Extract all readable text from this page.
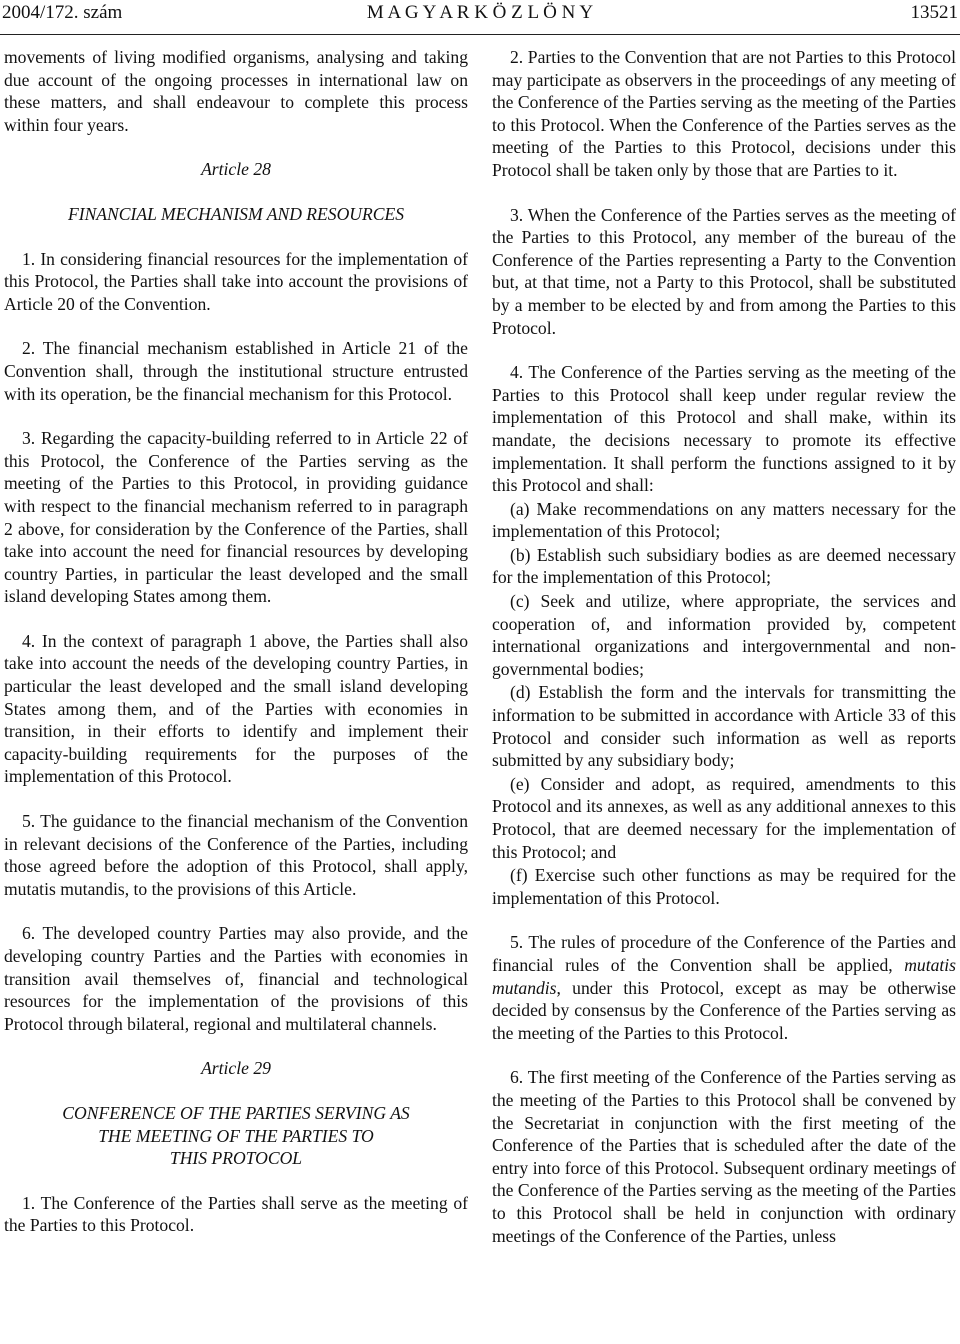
M A G Y A R K Ö Z L Ö N Y
2004/172. szám	13521

movements of living modified organisms, analysing and taking due account of the ongoing processes in international law on these matters, and shall endeavour to complete this process within four years.

Article 28

FINANCIAL MECHANISM AND RESOURCES

1. In considering financial resources for the implementation of this Protocol, the Parties shall take into account the provisions of Article 20 of the Convention.

2. The financial mechanism established in Article 21 of the Convention shall, through the institutional structure entrusted with its operation, be the financial mechanism for this Protocol.

3. Regarding the capacity-building referred to in Article 22 of this Protocol, the Conference of the Parties serving as the meeting of the Parties to this Protocol, in providing guidance with respect to the financial mechanism referred to in paragraph 2 above, for consideration by the Conference of the Parties, shall take into account the need for financial resources by developing country Parties, in particular the least developed and the small island developing States among them.

4. In the context of paragraph 1 above, the Parties shall also take into account the needs of the developing country Parties, in particular the least developed and the small island developing States among them, and of the Parties with economies in transition, in their efforts to identify and implement their capacity-building requirements for the purposes of the implementation of this Protocol.

5. The guidance to the financial mechanism of the Convention in relevant decisions of the Conference of the Parties, including those agreed before the adoption of this Protocol, shall apply, mutatis mutandis, to the provisions of this Article.

6. The developed country Parties may also provide, and the developing country Parties and the Parties with economies in transition avail themselves of, financial and technological resources for the implementation of the provisions of this Protocol through bilateral, regional and multilateral channels.

Article 29

CONFERENCE OF THE PARTIES SERVING AS
THE MEETING OF THE PARTIES TO
THIS PROTOCOL

1. The Conference of the Parties shall serve as the meeting of the Parties to this Protocol.

2. Parties to the Convention that are not Parties to this Protocol may participate as observers in the proceedings of any meeting of the Conference of the Parties serving as the meeting of the Parties to this Protocol. When the Conference of the Parties serves as the meeting of the Parties to this Protocol, decisions under this Protocol shall be taken only by those that are Parties to it.

3. When the Conference of the Parties serves as the meeting of the Parties to this Protocol, any member of the bureau of the Conference of the Parties representing a Party to the Convention but, at that time, not a Party to this Protocol, shall be substituted by a member to be elected by and from among the Parties to this Protocol.

4. The Conference of the Parties serving as the meeting of the Parties to this Protocol shall keep under regular review the implementation of this Protocol and shall make, within its mandate, the decisions necessary to promote its effective implementation. It shall perform the functions assigned to it by this Protocol and shall:

(a) Make recommendations on any matters necessary for the implementation of this Protocol;

(b) Establish such subsidiary bodies as are deemed necessary for the implementation of this Protocol;

(c) Seek and utilize, where appropriate, the services and cooperation of, and information provided by, competent international organizations and intergovernmental and non-governmental bodies;

(d) Establish the form and the intervals for transmitting the information to be submitted in accordance with Article 33 of this Protocol and consider such information as well as reports submitted by any subsidiary body;

(e) Consider and adopt, as required, amendments to this Protocol and its annexes, as well as any additional annexes to this Protocol, that are deemed necessary for the implementation of this Protocol; and

(f) Exercise such other functions as may be required for the implementation of this Protocol.

5. The rules of procedure of the Conference of the Parties and financial rules of the Convention shall be applied, mutatis mutandis, under this Protocol, except as may be otherwise decided by consensus by the Conference of the Parties serving as the meeting of the Parties to this Protocol.

6. The first meeting of the Conference of the Parties serving as the meeting of the Parties to this Protocol shall be convened by the Secretariat in conjunction with the first meeting of the Conference of the Parties that is scheduled after the date of the entry into force of this Protocol. Subsequent ordinary meetings of the Conference of the Parties serving as the meeting of the Parties to this Protocol shall be held in conjunction with ordinary meetings of the Conference of the Parties, unless
